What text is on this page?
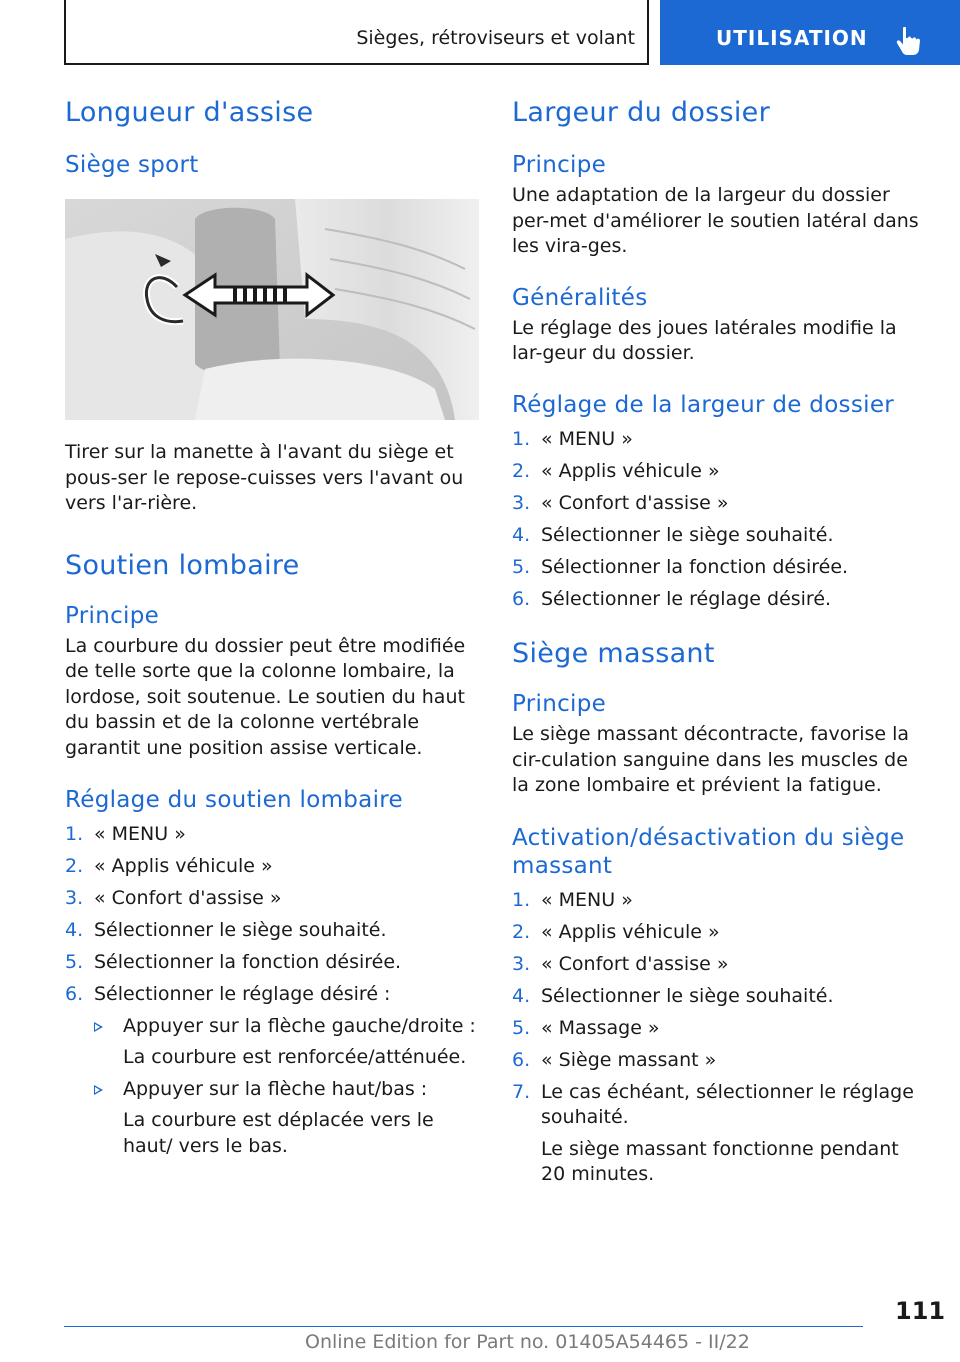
Sièges, rétroviseurs et volant	UTILISATION
Longueur d'assise
Siège sport

Tirer sur la manette à l'avant du siège et pous-ser le repose-cuisses vers l'avant ou vers l'ar-rière.

Soutien lombaire
Principe

La courbure du dossier peut être modifiée de telle sorte que la colonne lombaire, la lordose, soit soutenue. Le soutien du haut du bassin et de la colonne vertébrale garantit une position assise verticale.

Réglage du soutien lombaire
1. « MENU »
2. « Applis véhicule »
3. « Confort d'assise »
4. Sélectionner le siège souhaité.
5. Sélectionner la fonction désirée.
6. Sélectionner le réglage désiré :
Appuyer sur la flèche gauche/droite :
La courbure est renforcée/atténuée.
Appuyer sur la flèche haut/bas :
La courbure est déplacée vers le haut/ vers le bas.
Largeur du dossier
Principe

Une adaptation de la largeur du dossier per-met d'améliorer le soutien latéral dans les vira-ges.

Généralités

Le réglage des joues latérales modifie la lar-geur du dossier.

Réglage de la largeur de dossier
1. « MENU »
2. « Applis véhicule »
3. « Confort d'assise »
4. Sélectionner le siège souhaité.
5. Sélectionner la fonction désirée.
6. Sélectionner le réglage désiré.
Siège massant
Principe

Le siège massant décontracte, favorise la cir-culation sanguine dans les muscles de la zone lombaire et prévient la fatigue.

Activation/désactivation du siège massant
1. « MENU »
2. « Applis véhicule »
3. « Confort d'assise »
4. Sélectionner le siège souhaité.
5. « Massage »
6. « Siège massant »
7. Le cas échéant, sélectionner le réglage souhaité.
Le siège massant fonctionne pendant 20 minutes.
111
Online Edition for Part no. 01405A54465 - II/22
